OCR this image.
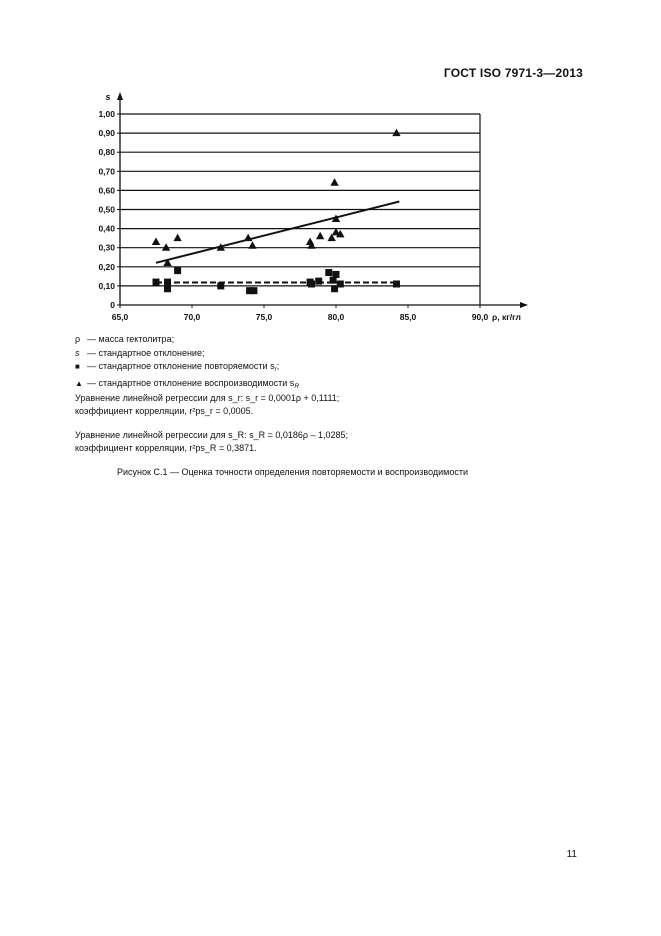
ГОСТ ISO 7971-3—2013
0
0,10
0,20
0,30
0,40
0,50
0,60
0,70
0,80
0,90
1,00
65,0	70,0	75,0	80,0	85,0	90,0
s
ρ, кг/гл
ρ — масса гектолитра;
s — стандартное отклонение;
■ — стандартное отклонение повторяемости $s_r$;
▲ — стандартное отклонение воспроизводимости $s_R$
Уравнение линейной регрессии для s_r: s_r = 0,0001ρ + 0,1111;
коэффициент корреляции, r²ps_r = 0,0005.
Уравнение линейной регрессии для s_R: s_R = 0,0186ρ – 1,0285;
коэффициент корреляции, r²ps_R = 0,3871.
Рисунок С.1 — Оценка точности определения повторяемости и воспроизводимости
11
